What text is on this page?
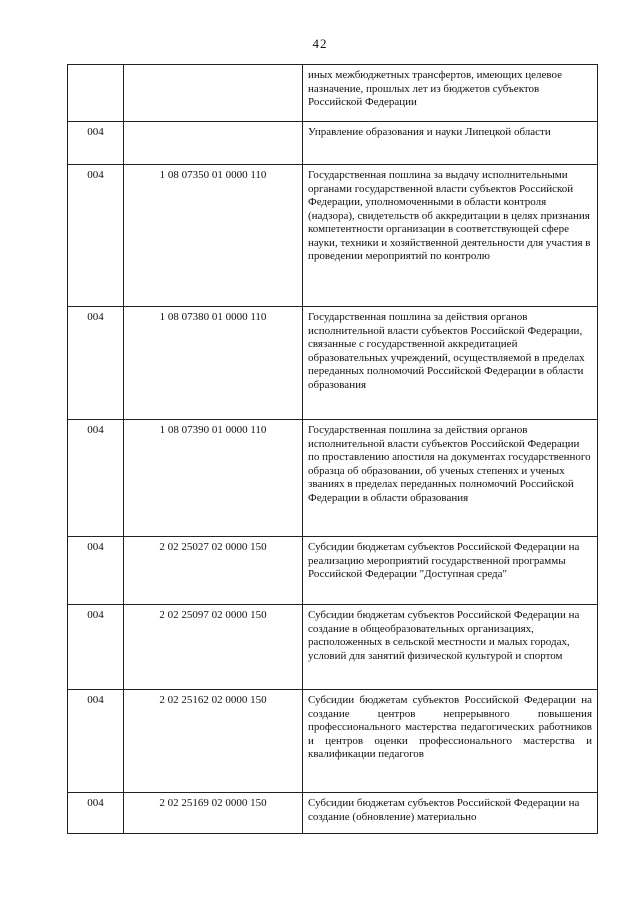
42
		иных межбюджетных трансфертов, имеющих целевое назначение, прошлых лет из бюджетов субъектов Российской Федерации
004		Управление образования и науки Липецкой области
004	1 08 07350 01 0000 110	Государственная пошлина за выдачу исполнительными органами государственной власти субъектов Российской Федерации, уполномоченными в области контроля (надзора), свидетельств об аккредитации в целях признания компетентности организации в соответствующей сфере науки, техники и хозяйственной деятельности для участия в проведении мероприятий по контролю
004	1 08 07380 01 0000 110	Государственная пошлина за действия органов исполнительной власти субъектов Российской Федерации, связанные с государственной аккредитацией образовательных учреждений, осуществляемой в пределах переданных полномочий Российской Федерации в области образования
004	1 08 07390 01 0000 110	Государственная пошлина за действия органов исполнительной власти субъектов Российской Федерации по проставлению апостиля на документах государственного образца об образовании, об ученых степенях и ученых званиях в пределах переданных полномочий Российской Федерации в области образования
004	2 02 25027 02 0000 150	Субсидии бюджетам субъектов Российской Федерации на реализацию мероприятий государственной программы Российской Федерации "Доступная среда"
004	2 02 25097 02 0000 150	Субсидии бюджетам субъектов Российской Федерации на создание в общеобразовательных организациях, расположенных в сельской местности и малых городах, условий для занятий физической культурой и спортом
004	2 02 25162 02 0000 150	Субсидии бюджетам субъектов Российской Федерации на создание центров непрерывного повышения профессионального мастерства педагогических работников и центров оценки профессионального мастерства и квалификации педагогов
004	2 02 25169 02 0000 150	Субсидии бюджетам субъектов Российской Федерации на создание (обновление) материально
